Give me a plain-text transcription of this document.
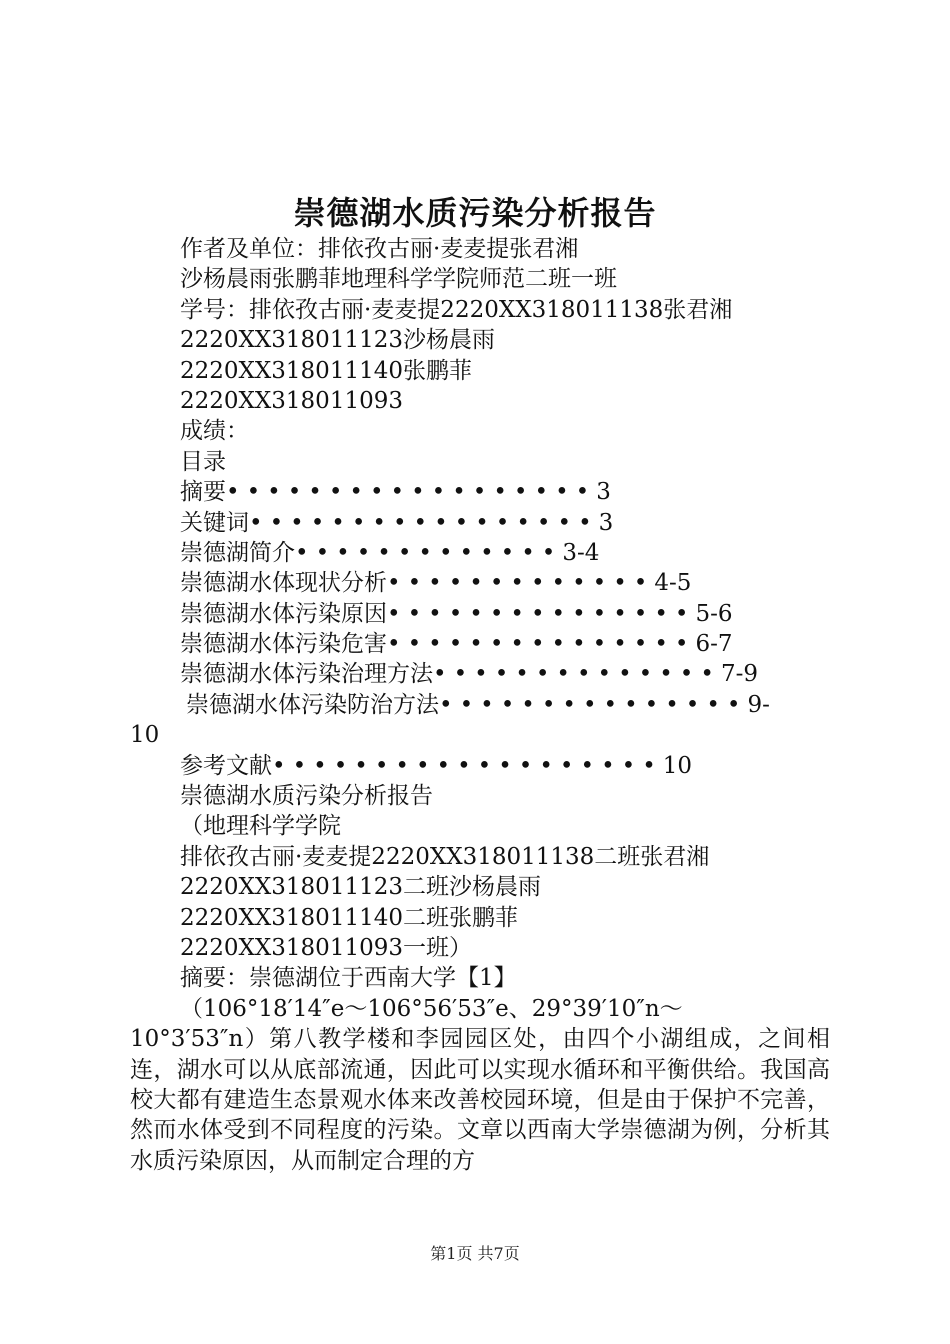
崇德湖水质污染分析报告
作者及单位：排依孜古丽·麦麦提张君湘
沙杨晨雨张鹏菲地理科学学院师范二班一班
学号：排依孜古丽·麦麦提2220XX318011138张君湘
2220XX318011123沙杨晨雨
2220XX318011140张鹏菲
2220XX318011093
成绩：
目录
摘要 •••••••••••••••••• 3
关键词 ••••••••••••••••• 3
崇德湖简介 ••••••••••••• 3-4
崇德湖水体现状分析 ••••••••••••• 4-5
崇德湖水体污染原因 ••••••••••••••• 5-6
崇德湖水体污染危害 ••••••••••••••• 6-7
崇德湖水体污染治理方法 •••••••••••••• 7-9
崇德湖水体污染防治方法 ••••••••••••••• 9-
10
参考文献 ••••••••••••••••••• 10
崇德湖水质污染分析报告
（地理科学学院
排依孜古丽·麦麦提2220XX318011138二班张君湘
2220XX318011123二班沙杨晨雨
2220XX318011140二班张鹏菲
2220XX318011093一班）
摘要：崇德湖位于西南大学【1】
（106°18′14″e～106°56′53″e、29°39′10″n～
10°3′53″n）第八教学楼和李园园区处，由四个小湖组成，之间相连，湖水可以从底部流通，因此可以实现水循环和平衡供给。我国高校大都有建造生态景观水体来改善校园环境，但是由于保护不完善，然而水体受到不同程度的污染。文章以西南大学崇德湖为例，分析其水质污染原因，从而制定合理的方
第1页 共7页
